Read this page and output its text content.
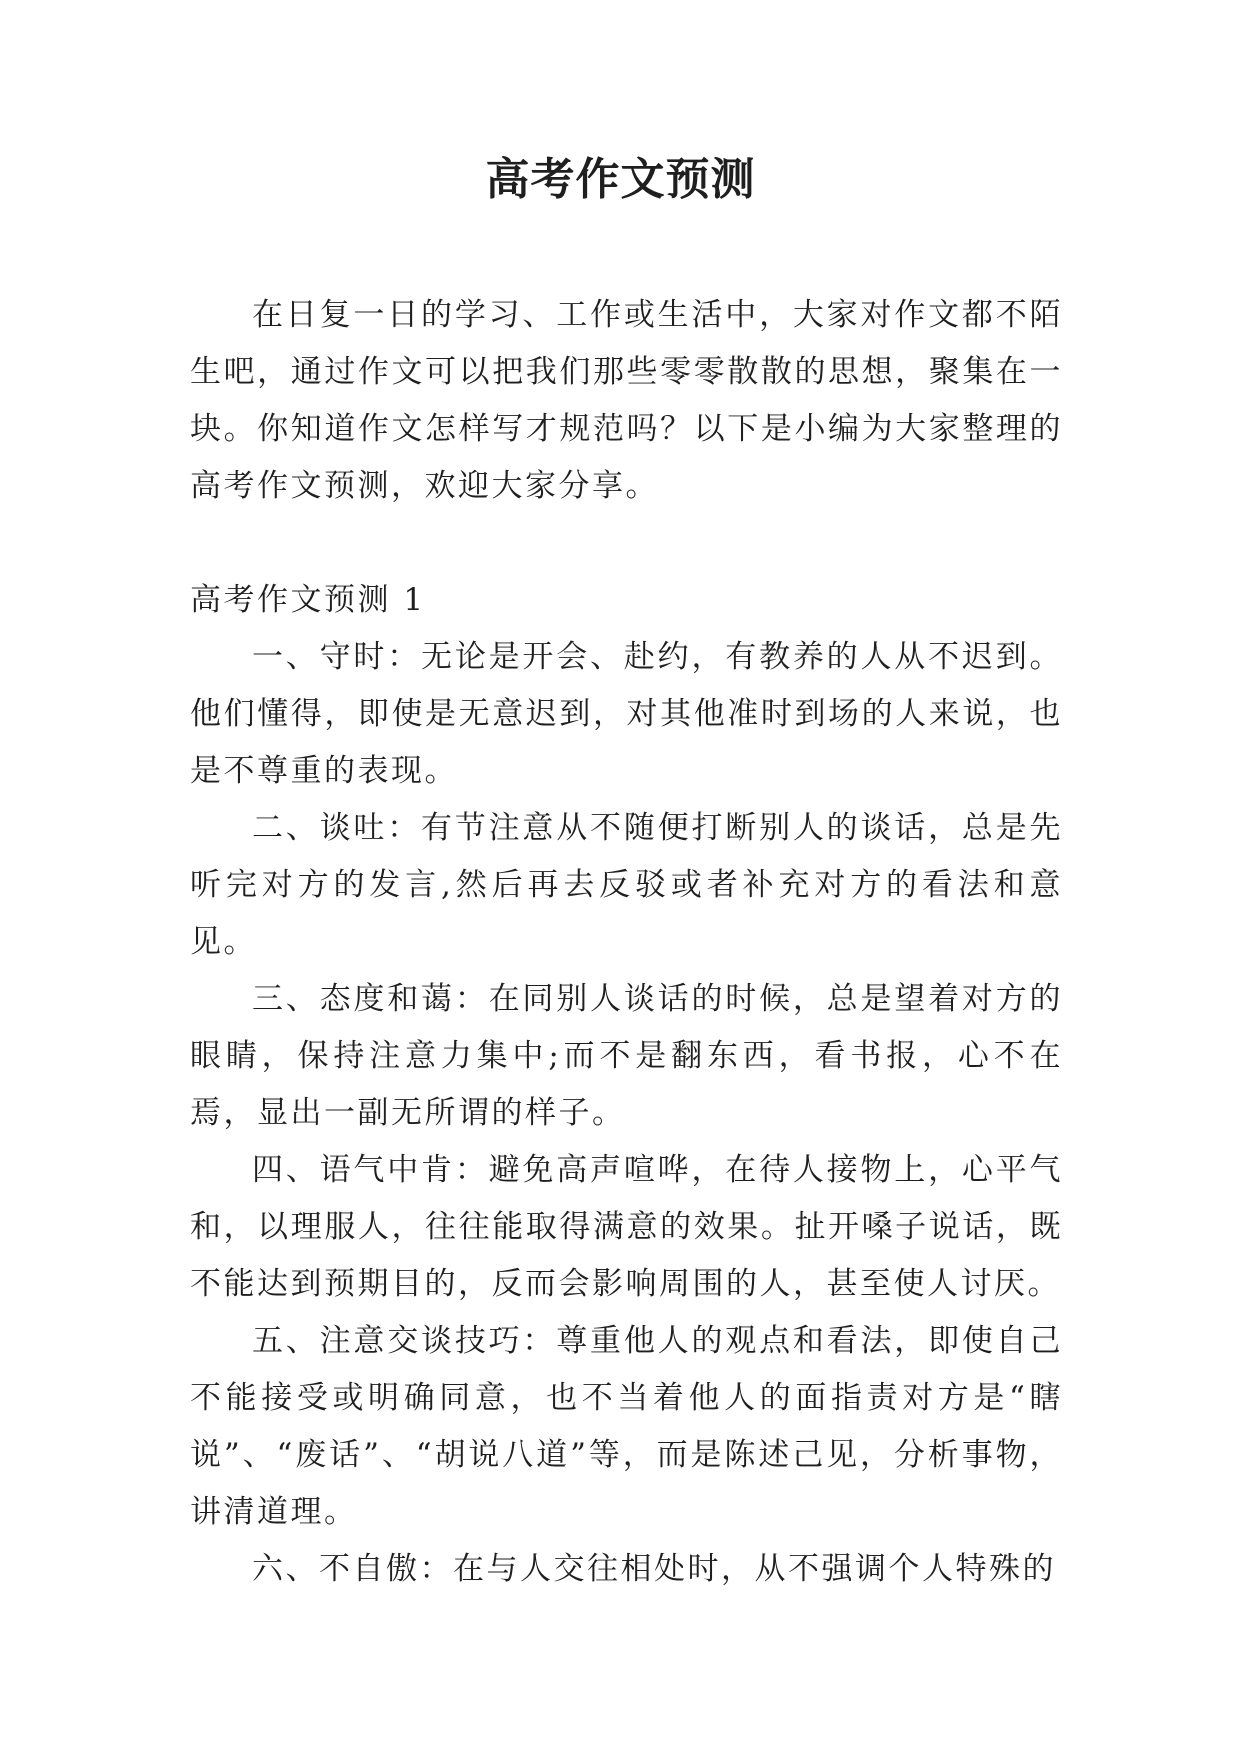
高考作文预测

在日复一日的学习、工作或生活中，大家对作文都不陌生吧，通过作文可以把我们那些零零散散的思想，聚集在一块。你知道作文怎样写才规范吗？以下是小编为大家整理的高考作文预测，欢迎大家分享。

高考作文预测 1

一、守时：无论是开会、赴约，有教养的人从不迟到。他们懂得，即使是无意迟到，对其他准时到场的人来说，也是不尊重的表现。

二、谈吐：有节注意从不随便打断别人的谈话，总是先听完对方的发言,然后再去反驳或者补充对方的看法和意见。

三、态度和蔼：在同别人谈话的时候，总是望着对方的眼睛，保持注意力集中;而不是翻东西，看书报，心不在焉，显出一副无所谓的样子。

四、语气中肯：避免高声喧哗，在待人接物上，心平气和，以理服人，往往能取得满意的效果。扯开嗓子说话，既不能达到预期目的，反而会影响周围的人，甚至使人讨厌。

五、注意交谈技巧：尊重他人的观点和看法，即使自己不能接受或明确同意，也不当着他人的面指责对方是“瞎说”、“废话”、“胡说八道”等，而是陈述己见，分析事物，讲清道理。

六、不自傲：在与人交往相处时，从不强调个人特殊的
